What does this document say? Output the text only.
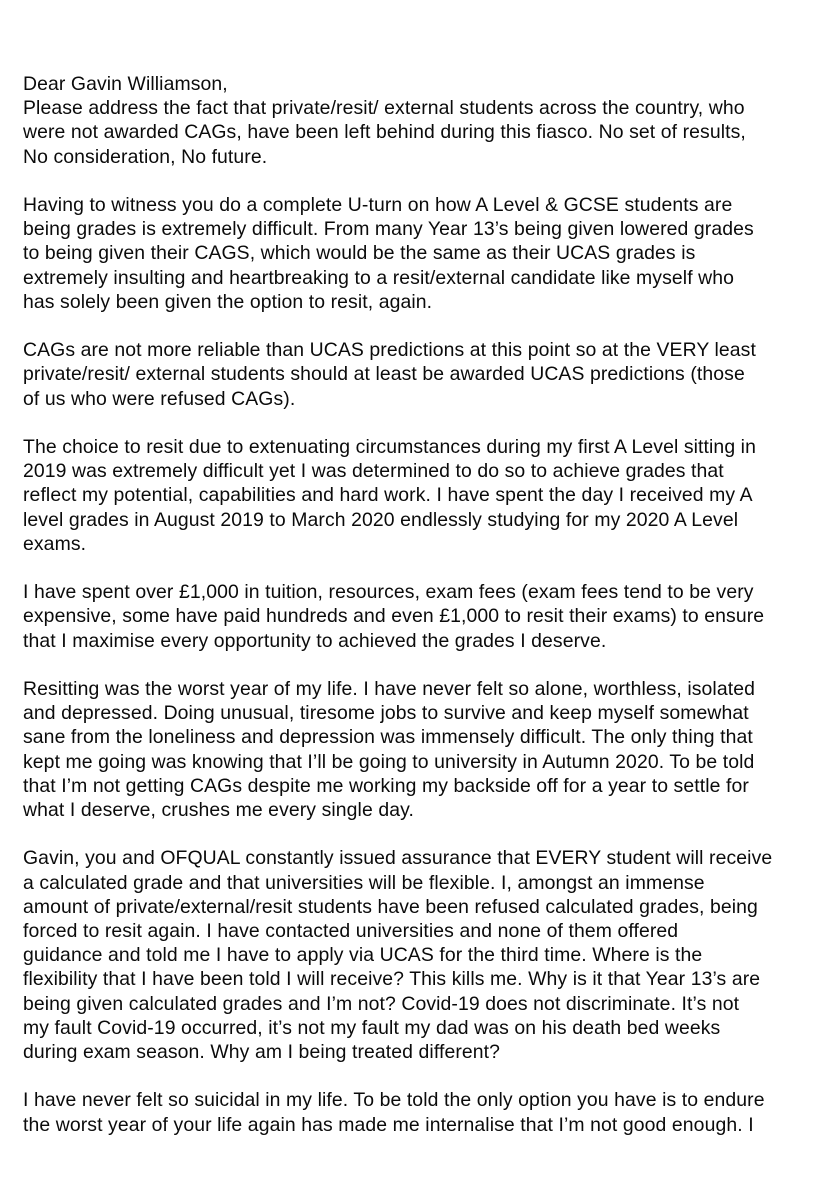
Dear Gavin Williamson,
Please address the fact that private/resit/ external students across the country, who
were not awarded CAGs, have been left behind during this fiasco. No set of results,
No consideration, No future.
Having to witness you do a complete U-turn on how A Level & GCSE students are
being grades is extremely difficult. From many Year 13’s being given lowered grades
to being given their CAGS, which would be the same as their UCAS grades is
extremely insulting and heartbreaking to a resit/external candidate like myself who
has solely been given the option to resit, again.
CAGs are not more reliable than UCAS predictions at this point so at the VERY least
private/resit/ external students should at least be awarded UCAS predictions (those
of us who were refused CAGs).
The choice to resit due to extenuating circumstances during my first A Level sitting in
2019 was extremely difficult yet I was determined to do so to achieve grades that
reflect my potential, capabilities and hard work. I have spent the day I received my A
level grades in August 2019 to March 2020 endlessly studying for my 2020 A Level
exams.
I have spent over £1,000 in tuition, resources, exam fees (exam fees tend to be very
expensive, some have paid hundreds and even £1,000 to resit their exams) to ensure
that I maximise every opportunity to achieved the grades I deserve.
Resitting was the worst year of my life. I have never felt so alone, worthless, isolated
and depressed. Doing unusual, tiresome jobs to survive and keep myself somewhat
sane from the loneliness and depression was immensely difficult. The only thing that
kept me going was knowing that I’ll be going to university in Autumn 2020. To be told
that I’m not getting CAGs despite me working my backside off for a year to settle for
what I deserve, crushes me every single day.
Gavin, you and OFQUAL constantly issued assurance that EVERY student will receive
a calculated grade and that universities will be flexible. I, amongst an immense
amount of private/external/resit students have been refused calculated grades, being
forced to resit again. I have contacted universities and none of them offered
guidance and told me I have to apply via UCAS for the third time. Where is the
flexibility that I have been told I will receive? This kills me. Why is it that Year 13’s are
being given calculated grades and I’m not? Covid-19 does not discriminate. It’s not
my fault Covid-19 occurred, it’s not my fault my dad was on his death bed weeks
during exam season. Why am I being treated different?
I have never felt so suicidal in my life. To be told the only option you have is to endure
the worst year of your life again has made me internalise that I’m not good enough. I
